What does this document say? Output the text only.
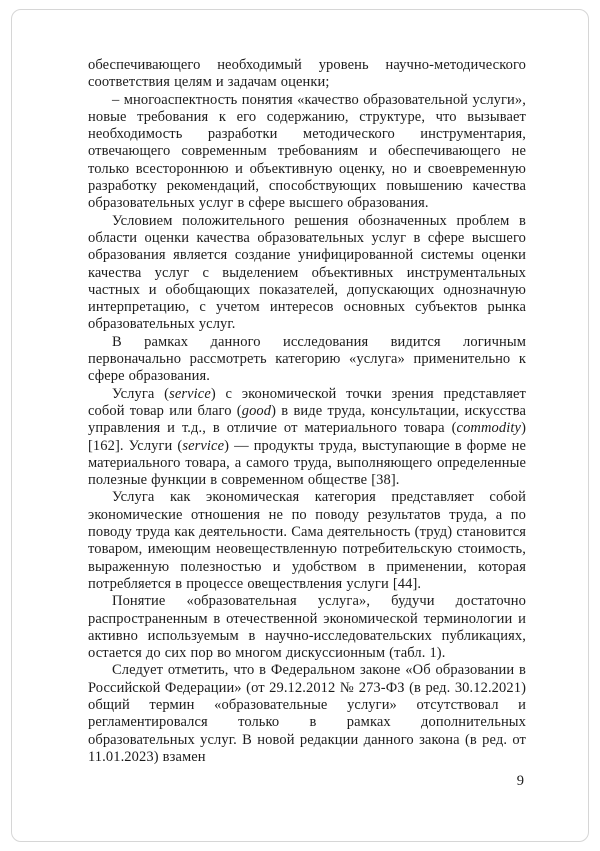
обеспечивающего необходимый уровень научно-методического соответствия целям и задачам оценки;

– многоаспектность понятия «качество образовательной услуги», новые требования к его содержанию, структуре, что вызывает необходимость разработки методического инструментария, отвечающего современным требованиям и обеспечивающего не только всестороннюю и объективную оценку, но и своевременную разработку рекомендаций, способствующих повышению качества образовательных услуг в сфере высшего образования.

Условием положительного решения обозначенных проблем в области оценки качества образовательных услуг в сфере высшего образования является создание унифицированной системы оценки качества услуг с выделением объективных инструментальных частных и обобщающих показателей, допускающих однозначную интерпретацию, с учетом интересов основных субъектов рынка образовательных услуг.

В рамках данного исследования видится логичным первоначально рассмотреть категорию «услуга» применительно к сфере образования.

Услуга (service) с экономической точки зрения представляет собой товар или благо (good) в виде труда, консультации, искусства управления и т.д., в отличие от материального товара (commodity) [162]. Услуги (service) — продукты труда, выступающие в форме не материального товара, а самого труда, выполняющего определенные полезные функции в современном обществе [38].

Услуга как экономическая категория представляет собой экономические отношения не по поводу результатов труда, а по поводу труда как деятельности. Сама деятельность (труд) становится товаром, имеющим неовеществленную потребительскую стоимость, выраженную полезностью и удобством в применении, которая потребляется в процессе овеществления услуги [44].

Понятие «образовательная услуга», будучи достаточно распространенным в отечественной экономической терминологии и активно используемым в научно-исследовательских публикациях, остается до сих пор во многом дискуссионным (табл. 1).

Следует отметить, что в Федеральном законе «Об образовании в Российской Федерации» (от 29.12.2012 № 273-ФЗ (в ред. 30.12.2021) общий термин «образовательные услуги» отсутствовал и регламентировался только в рамках дополнительных образовательных услуг. В новой редакции данного закона (в ред. от 11.01.2023) взамен

9
